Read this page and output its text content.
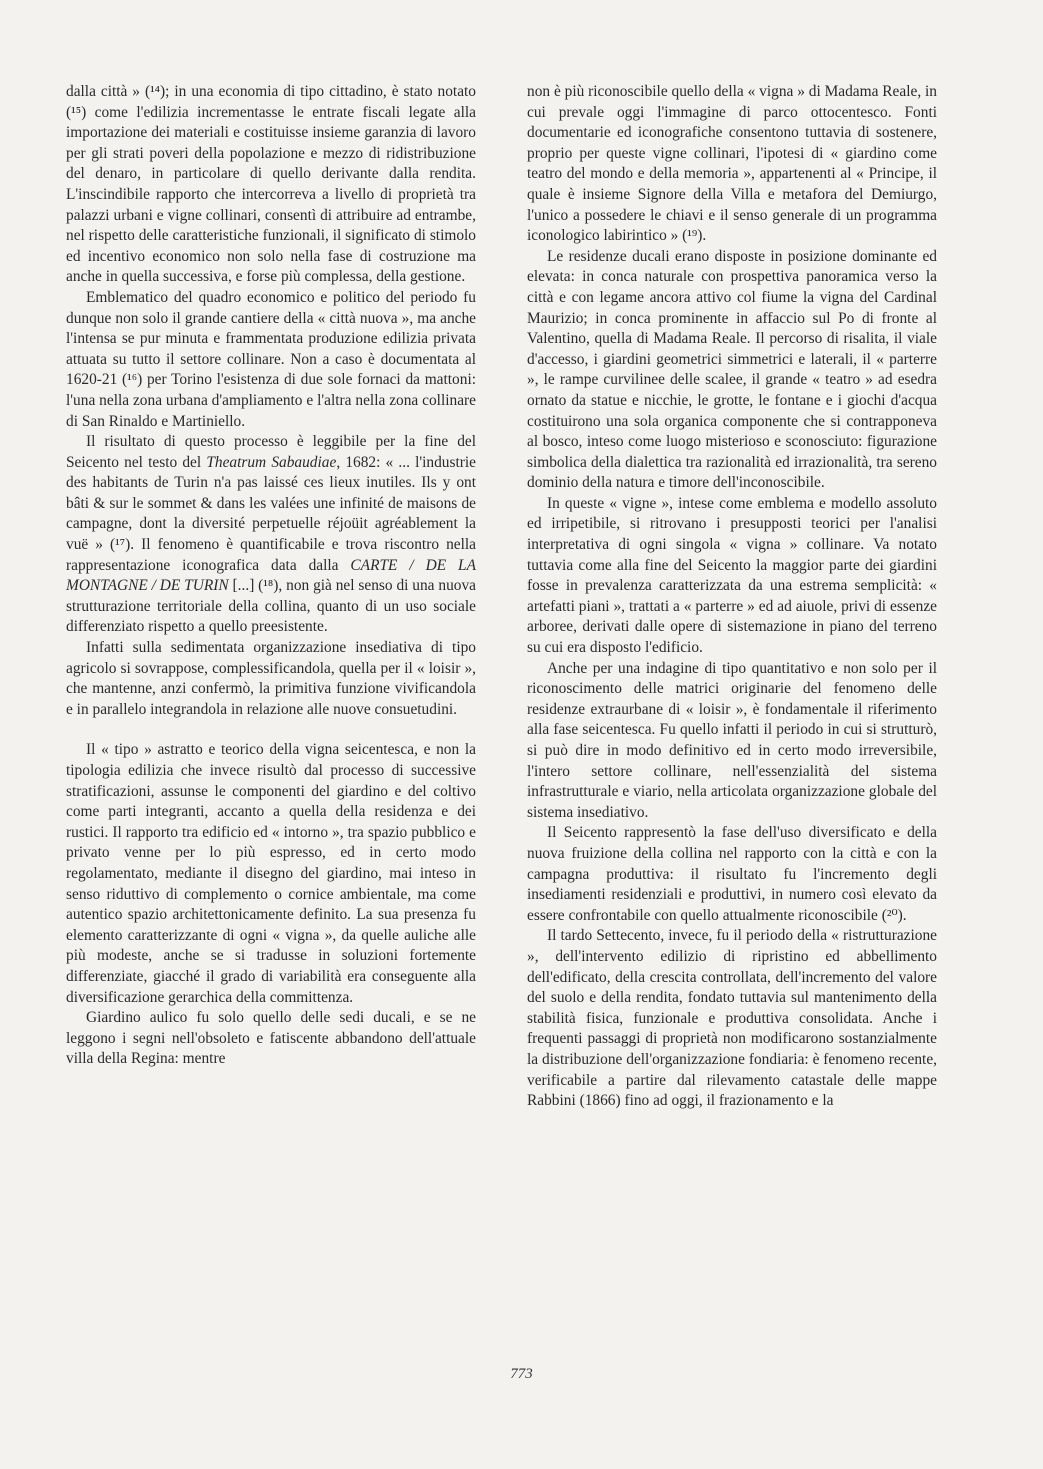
dalla città » (¹⁴); in una economia di tipo cittadino, è stato notato (¹⁵) come l'edilizia incrementasse le entrate fiscali legate alla importazione dei materiali e costituisse insieme garanzia di lavoro per gli strati poveri della popolazione e mezzo di ridistribuzione del denaro, in particolare di quello derivante dalla rendita. L'inscindibile rapporto che intercorreva a livello di proprietà tra palazzi urbani e vigne collinari, consentì di attribuire ad entrambe, nel rispetto delle caratteristiche funzionali, il significato di stimolo ed incentivo economico non solo nella fase di costruzione ma anche in quella successiva, e forse più complessa, della gestione.

Emblematico del quadro economico e politico del periodo fu dunque non solo il grande cantiere della « città nuova », ma anche l'intensa se pur minuta e frammentata produzione edilizia privata attuata su tutto il settore collinare. Non a caso è documentata al 1620-21 (¹⁶) per Torino l'esistenza di due sole fornaci da mattoni: l'una nella zona urbana d'ampliamento e l'altra nella zona collinare di San Rinaldo e Martiniello.

Il risultato di questo processo è leggibile per la fine del Seicento nel testo del Theatrum Sabaudiae, 1682: « ... l'industrie des habitants de Turin n'a pas laissé ces lieux inutiles. Ils y ont bâti & sur le sommet & dans les valées une infinité de maisons de campagne, dont la diversité perpetuelle réjoüit agréablement la vuë » (¹⁷). Il fenomeno è quantificabile e trova riscontro nella rappresentazione iconografica data dalla CARTE / DE LA MONTAGNE / DE TURIN [...] (¹⁸), non già nel senso di una nuova strutturazione territoriale della collina, quanto di un uso sociale differenziato rispetto a quello preesistente.

Infatti sulla sedimentata organizzazione insediativa di tipo agricolo si sovrappose, complessificandola, quella per il « loisir », che mantenne, anzi confermò, la primitiva funzione vivificandola e in parallelo integrandola in relazione alle nuove consuetudini.

Il « tipo » astratto e teorico della vigna seicentesca, e non la tipologia edilizia che invece risultò dal processo di successive stratificazioni, assunse le componenti del giardino e del coltivo come parti integranti, accanto a quella della residenza e dei rustici. Il rapporto tra edificio ed « intorno », tra spazio pubblico e privato venne per lo più espresso, ed in certo modo regolamentato, mediante il disegno del giardino, mai inteso in senso riduttivo di complemento o cornice ambientale, ma come autentico spazio architettonicamente definito. La sua presenza fu elemento caratterizzante di ogni « vigna », da quelle auliche alle più modeste, anche se si tradusse in soluzioni fortemente differenziate, giacché il grado di variabilità era conseguente alla diversificazione gerarchica della committenza.

Giardino aulico fu solo quello delle sedi ducali, e se ne leggono i segni nell'obsoleto e fatiscente abbandono dell'attuale villa della Regina: mentre

non è più riconoscibile quello della « vigna » di Madama Reale, in cui prevale oggi l'immagine di parco ottocentesco. Fonti documentarie ed iconografiche consentono tuttavia di sostenere, proprio per queste vigne collinari, l'ipotesi di « giardino come teatro del mondo e della memoria », appartenenti al « Principe, il quale è insieme Signore della Villa e metafora del Demiurgo, l'unico a possedere le chiavi e il senso generale di un programma iconologico labirintico » (¹⁹).

Le residenze ducali erano disposte in posizione dominante ed elevata: in conca naturale con prospettiva panoramica verso la città e con legame ancora attivo col fiume la vigna del Cardinal Maurizio; in conca prominente in affaccio sul Po di fronte al Valentino, quella di Madama Reale. Il percorso di risalita, il viale d'accesso, i giardini geometrici simmetrici e laterali, il « parterre », le rampe curvilinee delle scalee, il grande « teatro » ad esedra ornato da statue e nicchie, le grotte, le fontane e i giochi d'acqua costituirono una sola organica componente che si contrapponeva al bosco, inteso come luogo misterioso e sconosciuto: figurazione simbolica della dialettica tra razionalità ed irrazionalità, tra sereno dominio della natura e timore dell'inconoscibile.

In queste « vigne », intese come emblema e modello assoluto ed irripetibile, si ritrovano i presupposti teorici per l'analisi interpretativa di ogni singola « vigna » collinare. Va notato tuttavia come alla fine del Seicento la maggior parte dei giardini fosse in prevalenza caratterizzata da una estrema semplicità: « artefatti piani », trattati a « parterre » ed ad aiuole, privi di essenze arboree, derivati dalle opere di sistemazione in piano del terreno su cui era disposto l'edificio.

Anche per una indagine di tipo quantitativo e non solo per il riconoscimento delle matrici originarie del fenomeno delle residenze extraurbane di « loisir », è fondamentale il riferimento alla fase seicentesca. Fu quello infatti il periodo in cui si strutturò, si può dire in modo definitivo ed in certo modo irreversibile, l'intero settore collinare, nell'essenzialità del sistema infrastrutturale e viario, nella articolata organizzazione globale del sistema insediativo.

Il Seicento rappresentò la fase dell'uso diversificato e della nuova fruizione della collina nel rapporto con la città e con la campagna produttiva: il risultato fu l'incremento degli insediamenti residenziali e produttivi, in numero così elevato da essere confrontabile con quello attualmente riconoscibile (²⁰).

Il tardo Settecento, invece, fu il periodo della « ristrutturazione », dell'intervento edilizio di ripristino ed abbellimento dell'edificato, della crescita controllata, dell'incremento del valore del suolo e della rendita, fondato tuttavia sul mantenimento della stabilità fisica, funzionale e produttiva consolidata. Anche i frequenti passaggi di proprietà non modificarono sostanzialmente la distribuzione dell'organizzazione fondiaria: è fenomeno recente, verificabile a partire dal rilevamento catastale delle mappe Rabbini (1866) fino ad oggi, il frazionamento e la

773
